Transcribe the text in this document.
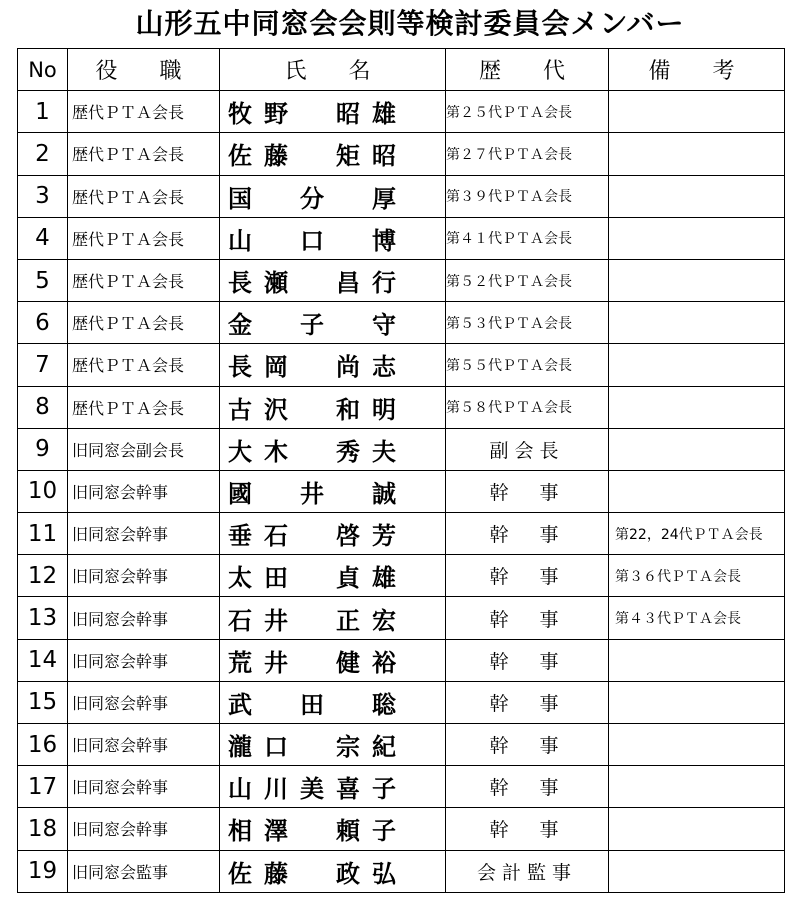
山形五中同窓会会則等検討委員会メンバー
No	役　職	氏　名	歴　代	備　考
1	歴代ＰＴＡ会長	牧 野 昭 雄	第２５代ＰＴＡ会長	
2	歴代ＰＴＡ会長	佐 藤 矩 昭	第２７代ＰＴＡ会長	
3	歴代ＰＴＡ会長	国 分 厚	第３９代ＰＴＡ会長	
4	歴代ＰＴＡ会長	山 口 博	第４１代ＰＴＡ会長	
5	歴代ＰＴＡ会長	長 瀬 昌 行	第５２代ＰＴＡ会長	
6	歴代ＰＴＡ会長	金 子 守	第５３代ＰＴＡ会長	
7	歴代ＰＴＡ会長	長 岡 尚 志	第５５代ＰＴＡ会長	
8	歴代ＰＴＡ会長	古 沢 和 明	第５８代ＰＴＡ会長	
9	旧同窓会副会長	大 木 秀 夫	副会長	
10	旧同窓会幹事	國 井 誠	幹　事	
11	旧同窓会幹事	垂 石 啓 芳	幹　事	第22，24代ＰＴＡ会長
12	旧同窓会幹事	太 田 貞 雄	幹　事	第３６代ＰＴＡ会長
13	旧同窓会幹事	石 井 正 宏	幹　事	第４３代ＰＴＡ会長
14	旧同窓会幹事	荒 井 健 裕	幹　事	
15	旧同窓会幹事	武 田 聡	幹　事	
16	旧同窓会幹事	瀧 口 宗 紀	幹　事	
17	旧同窓会幹事	山 川 美 喜 子	幹　事	
18	旧同窓会幹事	相 澤 頼 子	幹　事	
19	旧同窓会監事	佐 藤 政 弘	会計監事	
